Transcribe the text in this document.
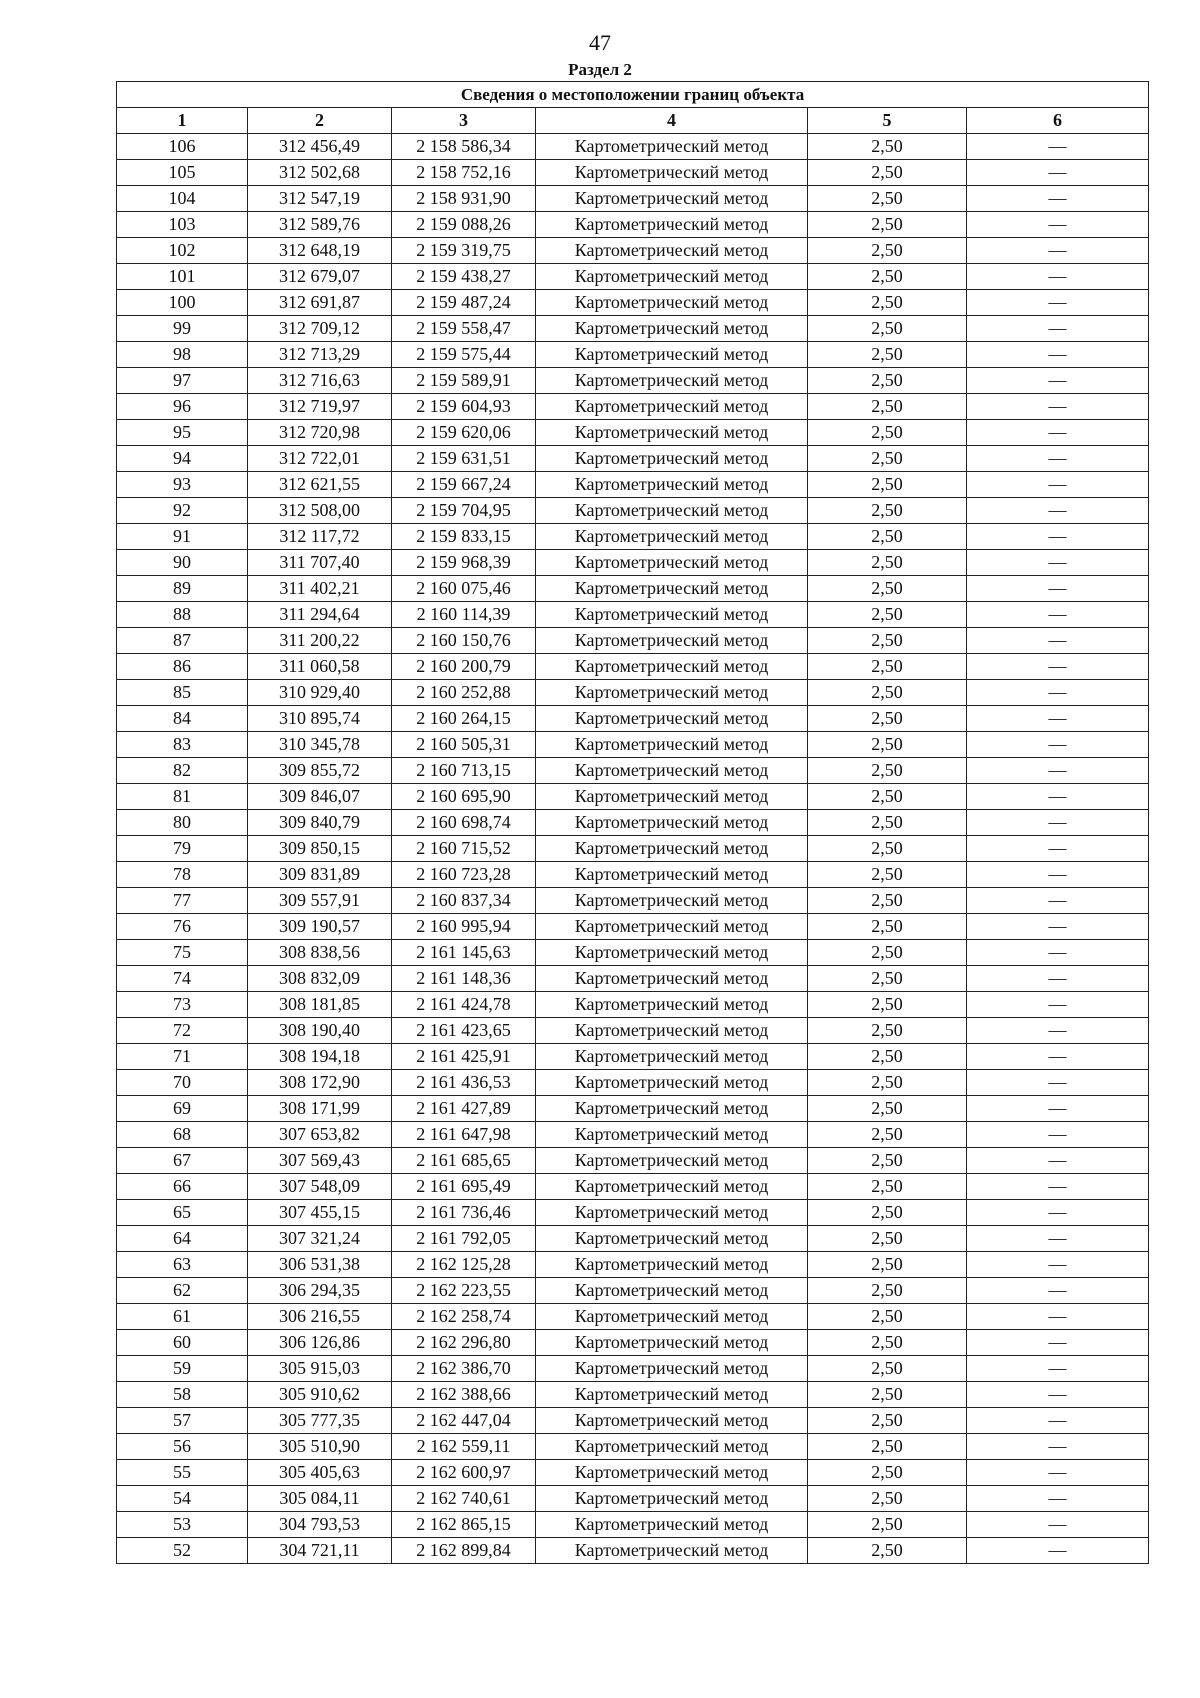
47
Раздел 2
Сведения о местоположении границ объекта					
1	2	3	4	5	6
106	312 456,49	2 158 586,34	Картометрический метод	2,50	—
105	312 502,68	2 158 752,16	Картометрический метод	2,50	—
104	312 547,19	2 158 931,90	Картометрический метод	2,50	—
103	312 589,76	2 159 088,26	Картометрический метод	2,50	—
102	312 648,19	2 159 319,75	Картометрический метод	2,50	—
101	312 679,07	2 159 438,27	Картометрический метод	2,50	—
100	312 691,87	2 159 487,24	Картометрический метод	2,50	—
99	312 709,12	2 159 558,47	Картометрический метод	2,50	—
98	312 713,29	2 159 575,44	Картометрический метод	2,50	—
97	312 716,63	2 159 589,91	Картометрический метод	2,50	—
96	312 719,97	2 159 604,93	Картометрический метод	2,50	—
95	312 720,98	2 159 620,06	Картометрический метод	2,50	—
94	312 722,01	2 159 631,51	Картометрический метод	2,50	—
93	312 621,55	2 159 667,24	Картометрический метод	2,50	—
92	312 508,00	2 159 704,95	Картометрический метод	2,50	—
91	312 117,72	2 159 833,15	Картометрический метод	2,50	—
90	311 707,40	2 159 968,39	Картометрический метод	2,50	—
89	311 402,21	2 160 075,46	Картометрический метод	2,50	—
88	311 294,64	2 160 114,39	Картометрический метод	2,50	—
87	311 200,22	2 160 150,76	Картометрический метод	2,50	—
86	311 060,58	2 160 200,79	Картометрический метод	2,50	—
85	310 929,40	2 160 252,88	Картометрический метод	2,50	—
84	310 895,74	2 160 264,15	Картометрический метод	2,50	—
83	310 345,78	2 160 505,31	Картометрический метод	2,50	—
82	309 855,72	2 160 713,15	Картометрический метод	2,50	—
81	309 846,07	2 160 695,90	Картометрический метод	2,50	—
80	309 840,79	2 160 698,74	Картометрический метод	2,50	—
79	309 850,15	2 160 715,52	Картометрический метод	2,50	—
78	309 831,89	2 160 723,28	Картометрический метод	2,50	—
77	309 557,91	2 160 837,34	Картометрический метод	2,50	—
76	309 190,57	2 160 995,94	Картометрический метод	2,50	—
75	308 838,56	2 161 145,63	Картометрический метод	2,50	—
74	308 832,09	2 161 148,36	Картометрический метод	2,50	—
73	308 181,85	2 161 424,78	Картометрический метод	2,50	—
72	308 190,40	2 161 423,65	Картометрический метод	2,50	—
71	308 194,18	2 161 425,91	Картометрический метод	2,50	—
70	308 172,90	2 161 436,53	Картометрический метод	2,50	—
69	308 171,99	2 161 427,89	Картометрический метод	2,50	—
68	307 653,82	2 161 647,98	Картометрический метод	2,50	—
67	307 569,43	2 161 685,65	Картометрический метод	2,50	—
66	307 548,09	2 161 695,49	Картометрический метод	2,50	—
65	307 455,15	2 161 736,46	Картометрический метод	2,50	—
64	307 321,24	2 161 792,05	Картометрический метод	2,50	—
63	306 531,38	2 162 125,28	Картометрический метод	2,50	—
62	306 294,35	2 162 223,55	Картометрический метод	2,50	—
61	306 216,55	2 162 258,74	Картометрический метод	2,50	—
60	306 126,86	2 162 296,80	Картометрический метод	2,50	—
59	305 915,03	2 162 386,70	Картометрический метод	2,50	—
58	305 910,62	2 162 388,66	Картометрический метод	2,50	—
57	305 777,35	2 162 447,04	Картометрический метод	2,50	—
56	305 510,90	2 162 559,11	Картометрический метод	2,50	—
55	305 405,63	2 162 600,97	Картометрический метод	2,50	—
54	305 084,11	2 162 740,61	Картометрический метод	2,50	—
53	304 793,53	2 162 865,15	Картометрический метод	2,50	—
52	304 721,11	2 162 899,84	Картометрический метод	2,50	—
